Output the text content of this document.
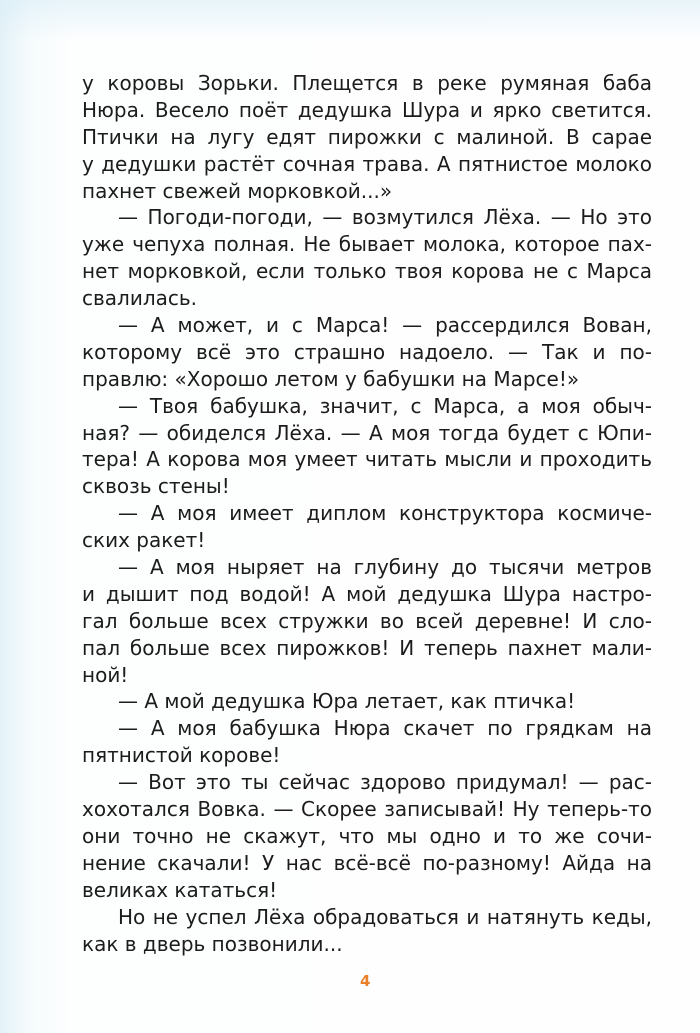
у коровы Зорьки. Плещется в реке румяная баба
Нюра. Весело поёт дедушка Шура и ярко светится.
Птички на лугу едят пирожки с малиной. В сарае
у дедушки растёт сочная трава. А пятнистое молоко
пахнет свежей морковкой...»
— Погоди-погоди, — возмутился Лёха. — Но это
уже чепуха полная. Не бывает молока, которое пах-
нет морковкой, если только твоя корова не с Марса
свалилась.
— А может, и с Марса! — рассердился Вован,
которому всё это страшно надоело. — Так и по-
правлю: «Хорошо летом у бабушки на Марсе!»
— Твоя бабушка, значит, с Марса, а моя обыч-
ная? — обиделся Лёха. — А моя тогда будет с Юпи-
тера! А корова моя умеет читать мысли и проходить
сквозь стены!
— А моя имеет диплом конструктора космиче-
ских ракет!
— А моя ныряет на глубину до тысячи метров
и дышит под водой! А мой дедушка Шура настро-
гал больше всех стружки во всей деревне! И сло-
пал больше всех пирожков! И теперь пахнет мали-
ной!
— А мой дедушка Юра летает, как птичка!
— А моя бабушка Нюра скачет по грядкам на
пятнистой корове!
— Вот это ты сейчас здорово придумал! — рас-
хохотался Вовка. — Скорее записывай! Ну теперь-то
они точно не скажут, что мы одно и то же сочи-
нение скачали! У нас всё-всё по-разному! Айда на
великах кататься!
Но не успел Лёха обрадоваться и натянуть кеды,
как в дверь позвонили...
4
